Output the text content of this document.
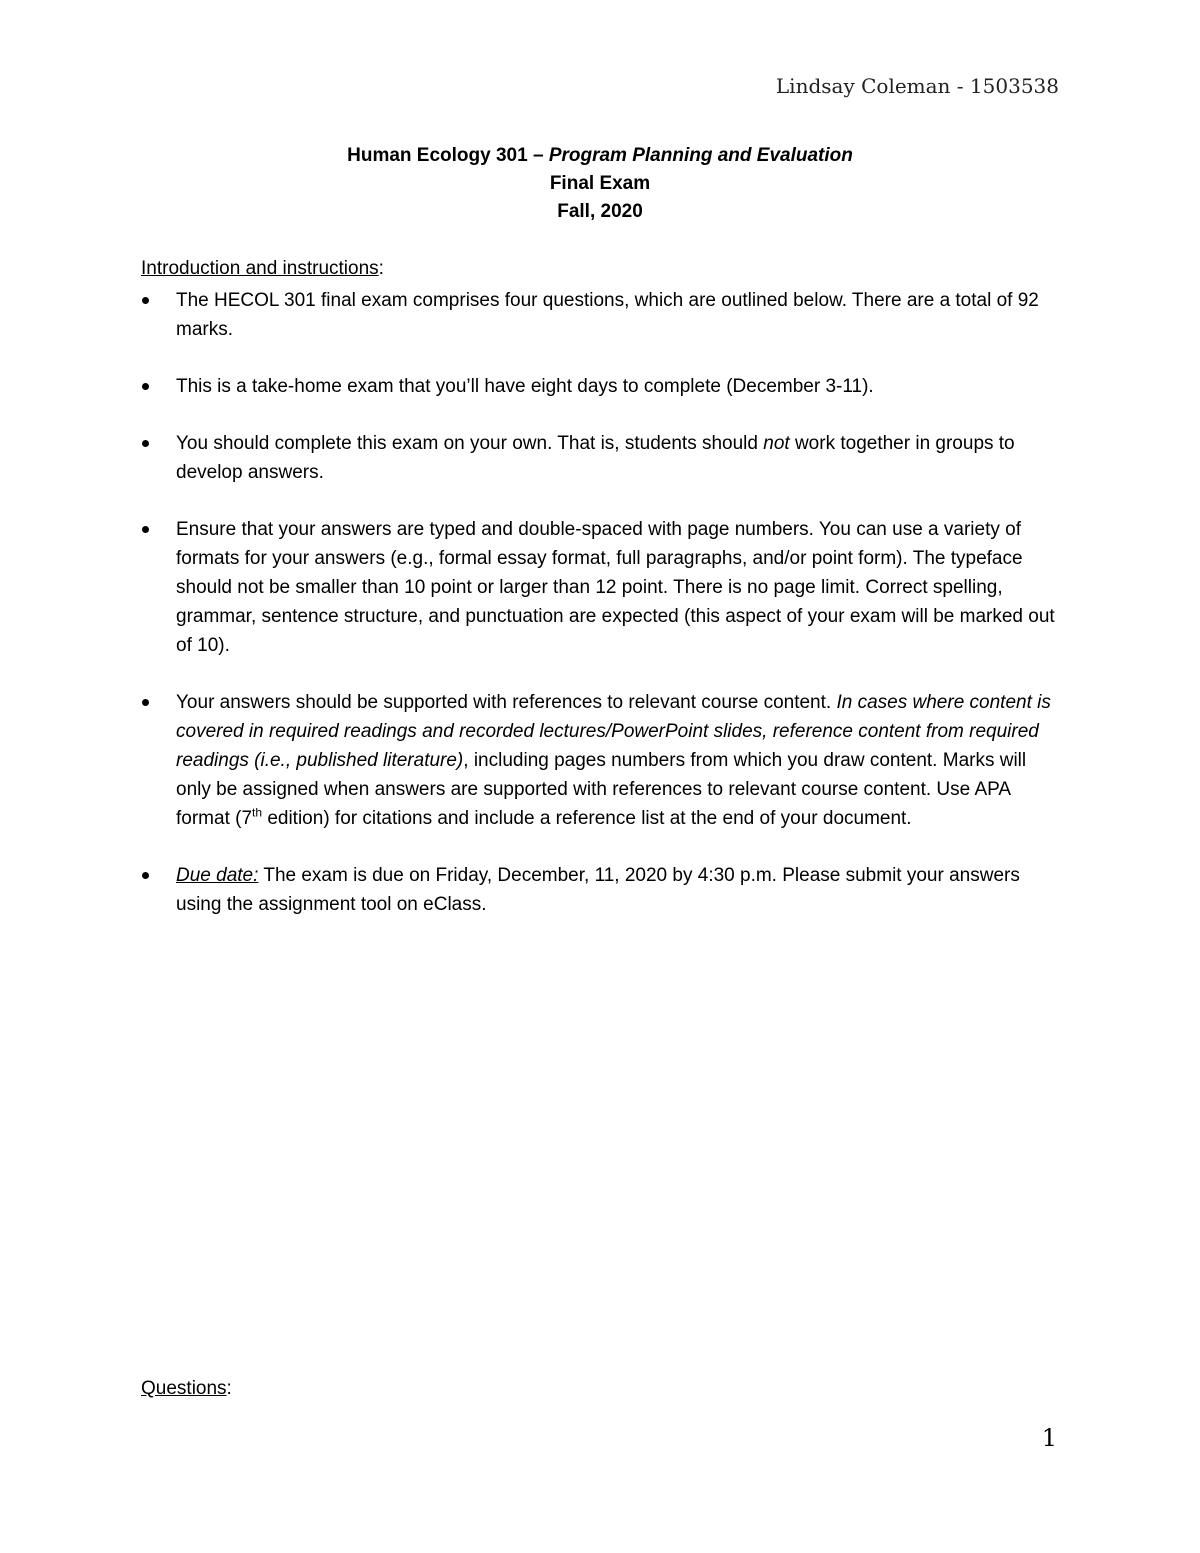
Lindsay Coleman - 1503538
Human Ecology 301 – Program Planning and Evaluation
Final Exam
Fall, 2020
Introduction and instructions:
The HECOL 301 final exam comprises four questions, which are outlined below. There are a total of 92 marks.
This is a take-home exam that you’ll have eight days to complete (December 3-11).
You should complete this exam on your own. That is, students should not work together in groups to develop answers.
Ensure that your answers are typed and double-spaced with page numbers. You can use a variety of formats for your answers (e.g., formal essay format, full paragraphs, and/or point form). The typeface should not be smaller than 10 point or larger than 12 point. There is no page limit. Correct spelling, grammar, sentence structure, and punctuation are expected (this aspect of your exam will be marked out of 10).
Your answers should be supported with references to relevant course content. In cases where content is covered in required readings and recorded lectures/PowerPoint slides, reference content from required readings (i.e., published literature), including pages numbers from which you draw content. Marks will only be assigned when answers are supported with references to relevant course content. Use APA format (7th edition) for citations and include a reference list at the end of your document.
Due date: The exam is due on Friday, December, 11, 2020 by 4:30 p.m. Please submit your answers using the assignment tool on eClass.
Questions:
1
